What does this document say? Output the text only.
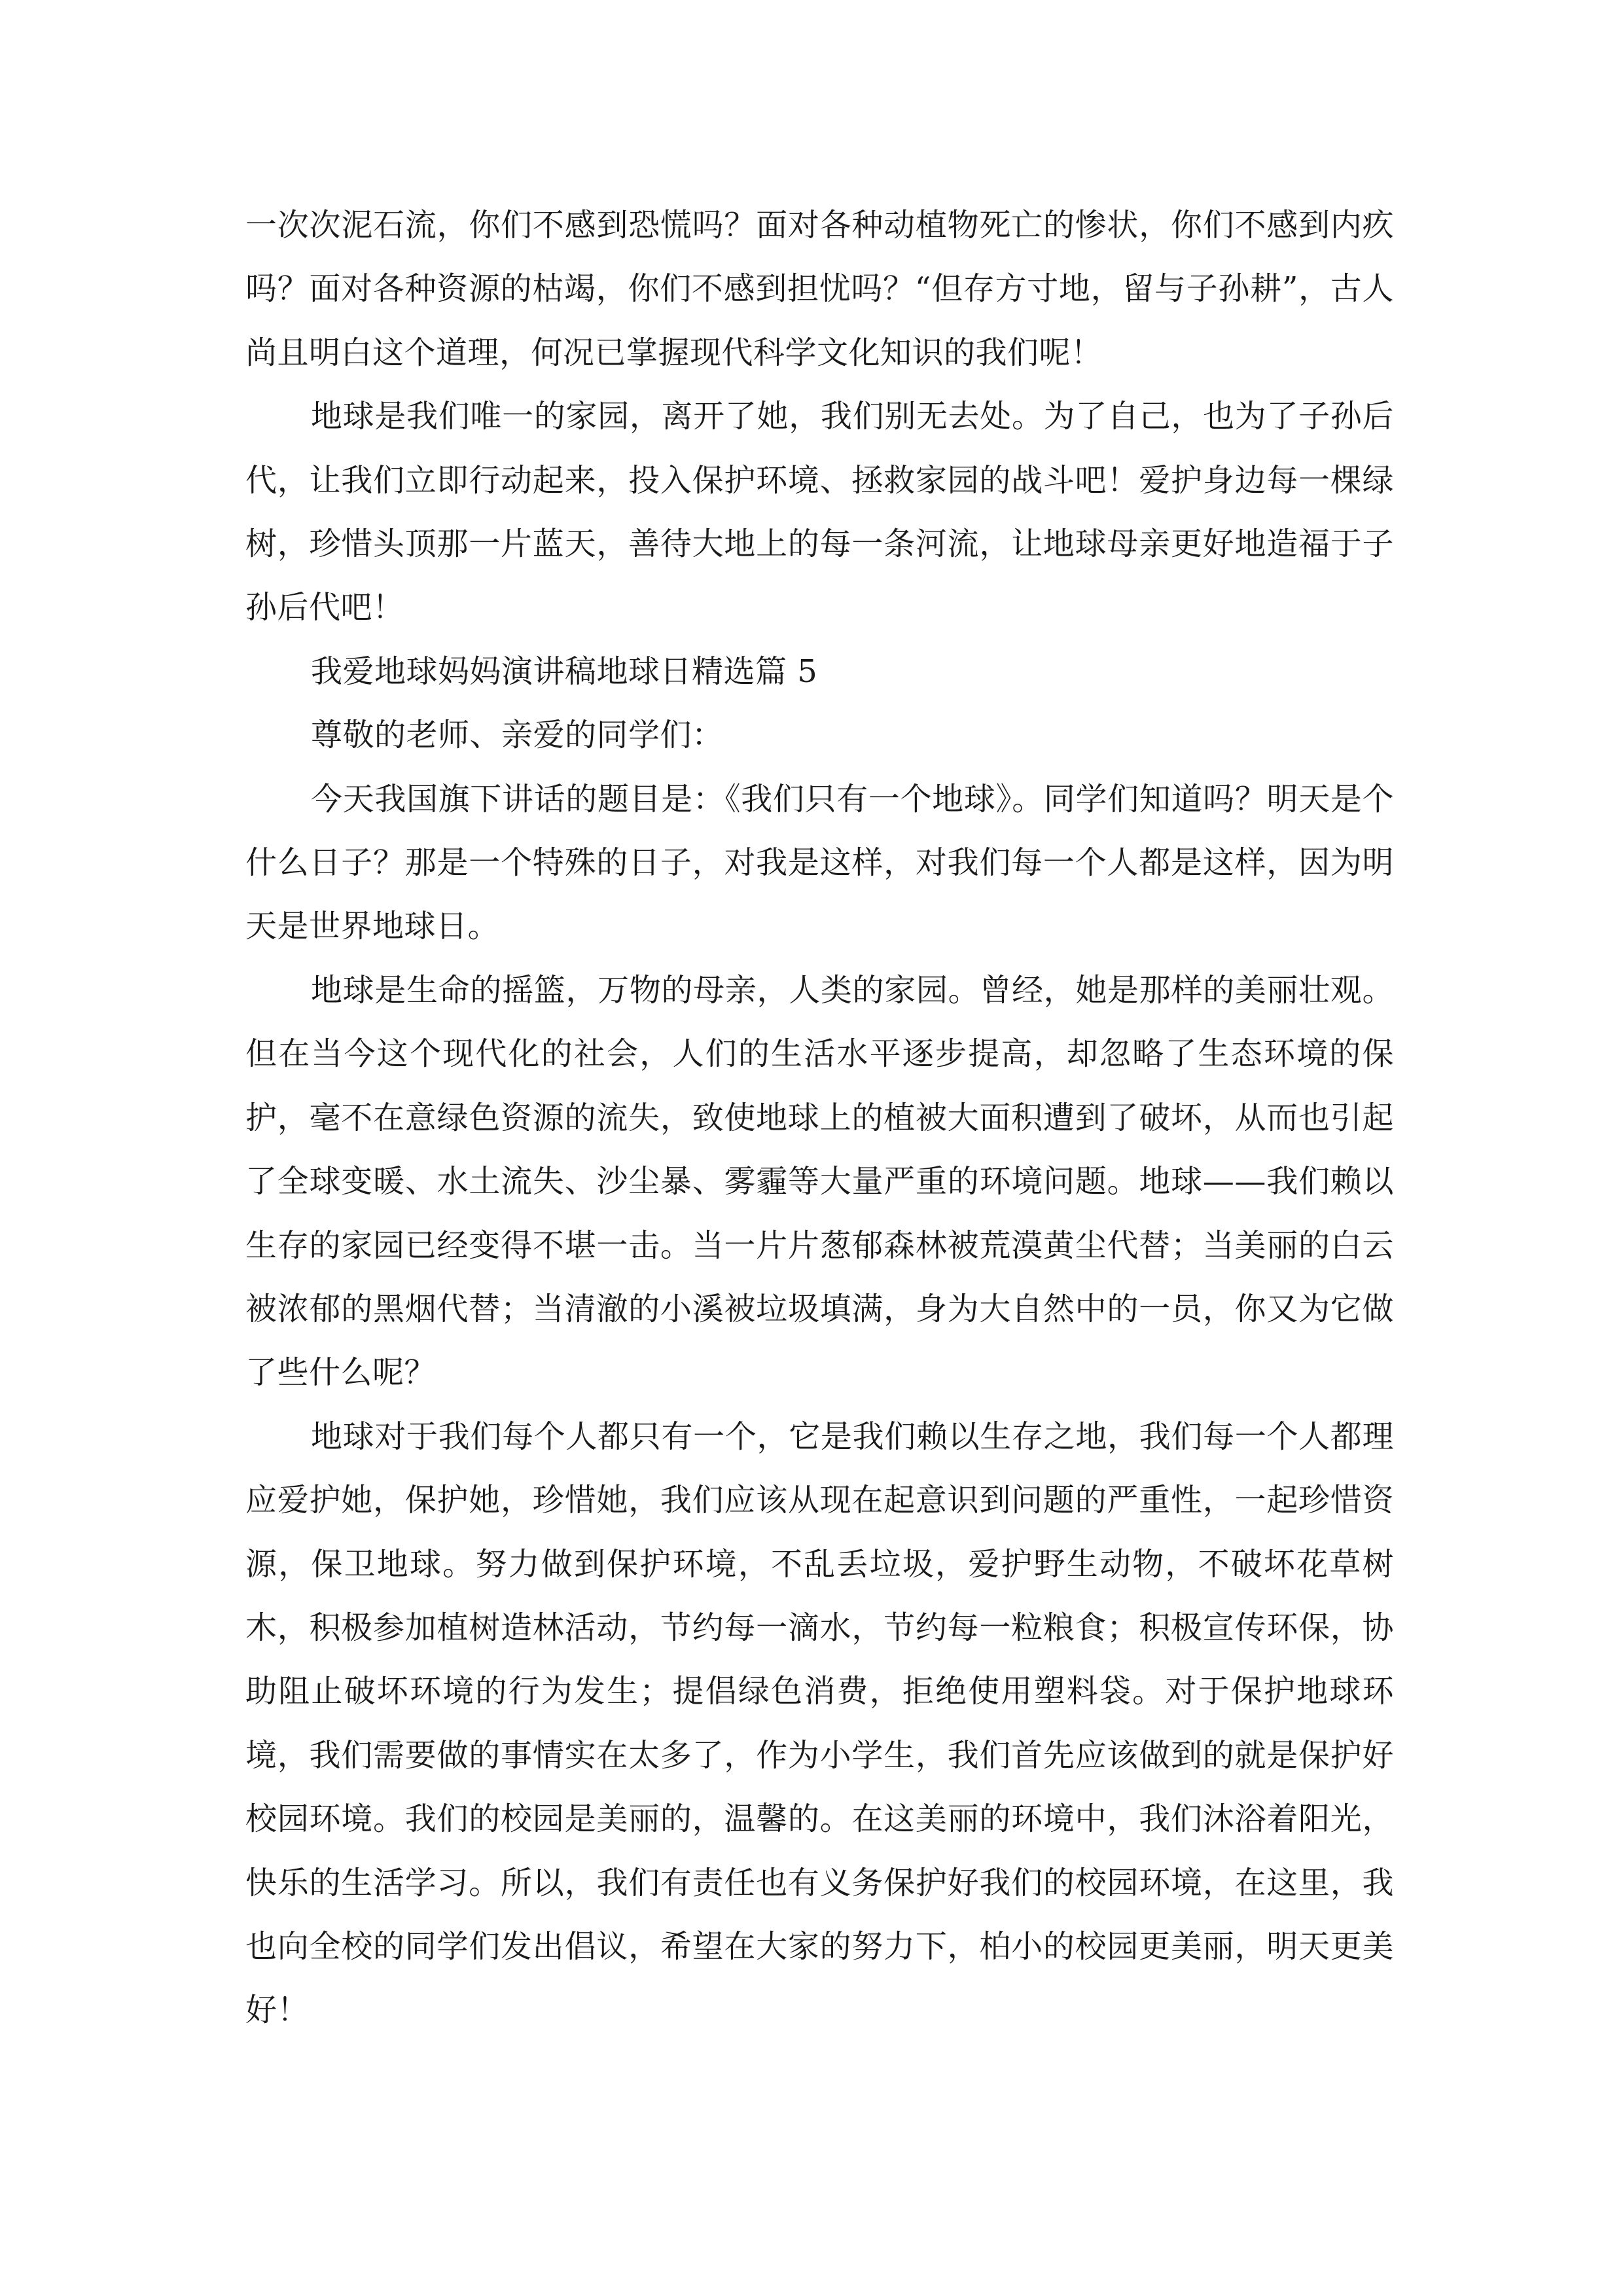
一次次泥石流，你们不感到恐慌吗？面对各种动植物死亡的惨状，你们不感到内疚吗？面对各种资源的枯竭，你们不感到担忧吗？“但存方寸地，留与子孙耕”，古人尚且明白这个道理，何况已掌握现代科学文化知识的我们呢！

地球是我们唯一的家园，离开了她，我们别无去处。为了自己，也为了子孙后代，让我们立即行动起来，投入保护环境、拯救家园的战斗吧！爱护身边每一棵绿树，珍惜头顶那一片蓝天，善待大地上的每一条河流，让地球母亲更好地造福于子孙后代吧！

我爱地球妈妈演讲稿地球日精选篇 5

尊敬的老师、亲爱的同学们：

今天我国旗下讲话的题目是：《我们只有一个地球》。同学们知道吗？明天是个什么日子？那是一个特殊的日子，对我是这样，对我们每一个人都是这样，因为明天是世界地球日。

地球是生命的摇篮，万物的母亲，人类的家园。曾经，她是那样的美丽壮观。但在当今这个现代化的社会，人们的生活水平逐步提高，却忽略了生态环境的保护，毫不在意绿色资源的流失，致使地球上的植被大面积遭到了破坏，从而也引起了全球变暖、水土流失、沙尘暴、雾霾等大量严重的环境问题。地球——我们赖以生存的家园已经变得不堪一击。当一片片葱郁森林被荒漠黄尘代替；当美丽的白云被浓郁的黑烟代替；当清澈的小溪被垃圾填满，身为大自然中的一员，你又为它做了些什么呢？

地球对于我们每个人都只有一个，它是我们赖以生存之地，我们每一个人都理应爱护她，保护她，珍惜她，我们应该从现在起意识到问题的严重性，一起珍惜资源，保卫地球。努力做到保护环境，不乱丢垃圾，爱护野生动物，不破坏花草树木，积极参加植树造林活动，节约每一滴水，节约每一粒粮食；积极宣传环保，协助阻止破坏环境的行为发生；提倡绿色消费，拒绝使用塑料袋。对于保护地球环境，我们需要做的事情实在太多了，作为小学生，我们首先应该做到的就是保护好校园环境。我们的校园是美丽的，温馨的。在这美丽的环境中，我们沐浴着阳光，快乐的生活学习。所以，我们有责任也有义务保护好我们的校园环境，在这里，我也向全校的同学们发出倡议，希望在大家的努力下，柏小的校园更美丽，明天更美好！
